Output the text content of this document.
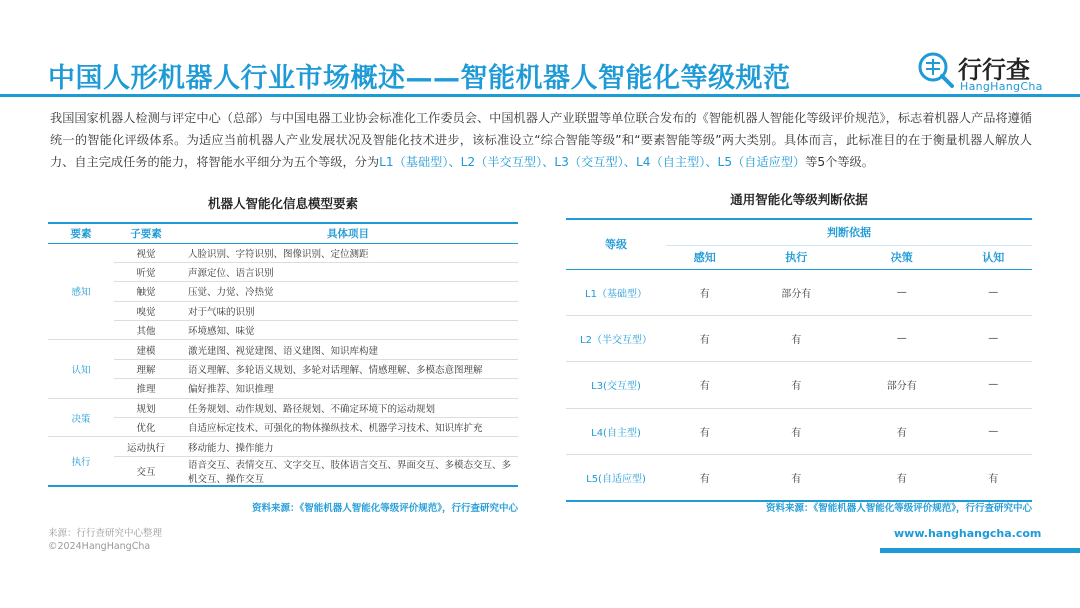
中国人形机器人行业市场概述——智能机器人智能化等级规范	行行查
HangHangCha

我国国家机器人检测与评定中心（总部）与中国电器工业协会标准化工作委员会、中国机器人产业联盟等单位联合发布的《智能机器人智能化等级评价规范》，标志着机器人产品将遵循统一的智能化评级体系。为适应当前机器人产业发展状况及智能化技术进步，该标准设立“综合智能等级”和“要素智能等级”两大类别。具体而言，此标准目的在于衡量机器人解放人力、自主完成任务的能力，将智能水平细分为五个等级，分为L1（基础型）、L2（半交互型）、L3（交互型）、L4（自主型）、L5（自适应型）等5个等级。

机器人智能化信息模型要素
要素	子要素	具体项目
感知	视觉	人脸识别、字符识别、图像识别、定位测距
	听觉	声源定位、语言识别
	触觉	压觉、力觉、冷热觉
	嗅觉	对于气味的识别
	其他	环境感知、味觉
认知	建模	激光建图、视觉建图、语义建图、知识库构建
	理解	语义理解、多轮语义规划、多轮对话理解、情感理解、多模态意图理解
	推理	偏好推荐、知识推理
决策	规划	任务规划、动作规划、路径规划、不确定环境下的运动规划
	优化	自适应标定技术、可强化的物体操纵技术、机器学习技术、知识库扩充
执行	运动执行	移动能力、操作能力
	交互	语音交互、表情交互、文字交互、肢体语言交互、界面交互、多模态交互、多机交互、操作交互
资料来源：《智能机器人智能化等级评价规范》，行行查研究中心
通用智能化等级判断依据
等级	判断依据			
	感知	执行	决策	认知
L1（基础型）	有	部分有	—	—
L2（半交互型）	有	有	—	—
L3(交互型)	有	有	部分有	—
L4(自主型)	有	有	有	—
L5(自适应型)	有	有	有	有
资料来源：《智能机器人智能化等级评价规范》，行行查研究中心
来源：行行查研究中心整理
©2024HangHangCha
www.hanghangcha.com
